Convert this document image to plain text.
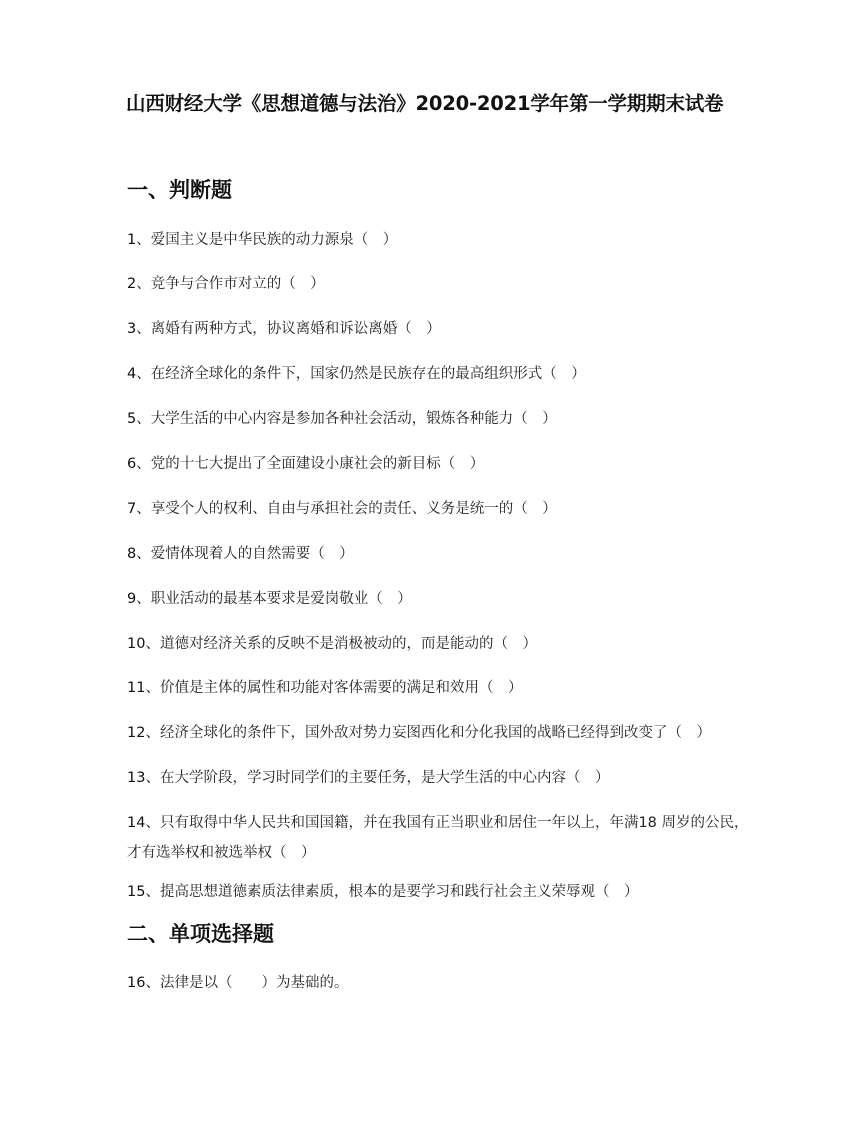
山西财经大学《思想道德与法治》2020-2021学年第一学期期末试卷
一、判断题
1、爱国主义是中华民族的动力源泉（　）
2、竞争与合作市对立的（　）
3、离婚有两种方式，协议离婚和诉讼离婚（　）
4、在经济全球化的条件下，国家仍然是民族存在的最高组织形式（　）
5、大学生活的中心内容是参加各种社会活动，锻炼各种能力（　）
6、党的十七大提出了全面建设小康社会的新目标（　）
7、享受个人的权利、自由与承担社会的责任、义务是统一的（　）
8、爱情体现着人的自然需要（　）
9、职业活动的最基本要求是爱岗敬业（　）
10、道德对经济关系的反映不是消极被动的，而是能动的（　）
11、价值是主体的属性和功能对客体需要的满足和效用（　）
12、经济全球化的条件下，国外敌对势力妄图西化和分化我国的战略已经得到改变了（　）
13、在大学阶段，学习时同学们的主要任务，是大学生活的中心内容（　）
14、只有取得中华人民共和国国籍，并在我国有正当职业和居住一年以上，年满18 周岁的公民，才有选举权和被选举权（　）
15、提高思想道德素质法律素质，根本的是要学习和践行社会主义荣辱观（　）
二、单项选择题
16、法律是以（　　）为基础的。
